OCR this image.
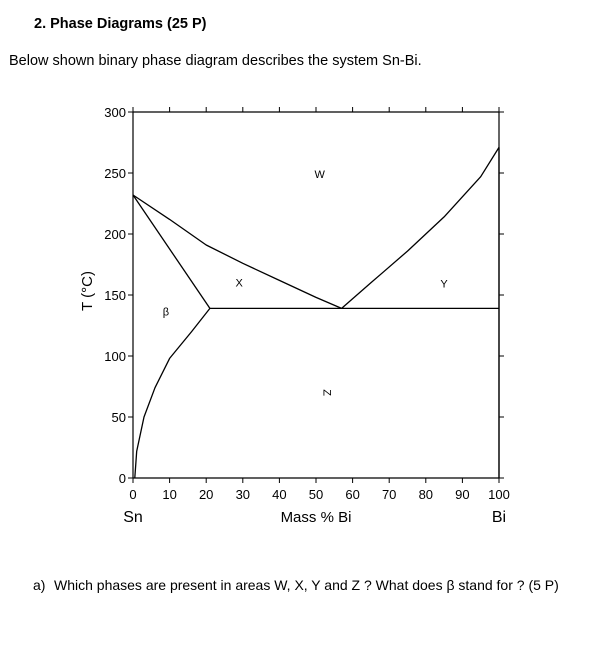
2. Phase Diagrams (25 P)
Below shown binary phase diagram describes the system Sn-Bi.
0
50
100
150
200
250
300
0 10 20 30 40 50 60 70 80 90 100
W
X	Y
Z
β
Sn	Bi
Mass % Bi
T (°C)
a) Which phases are present in areas W, X, Y and Z ? What does β stand for ? (5 P)
